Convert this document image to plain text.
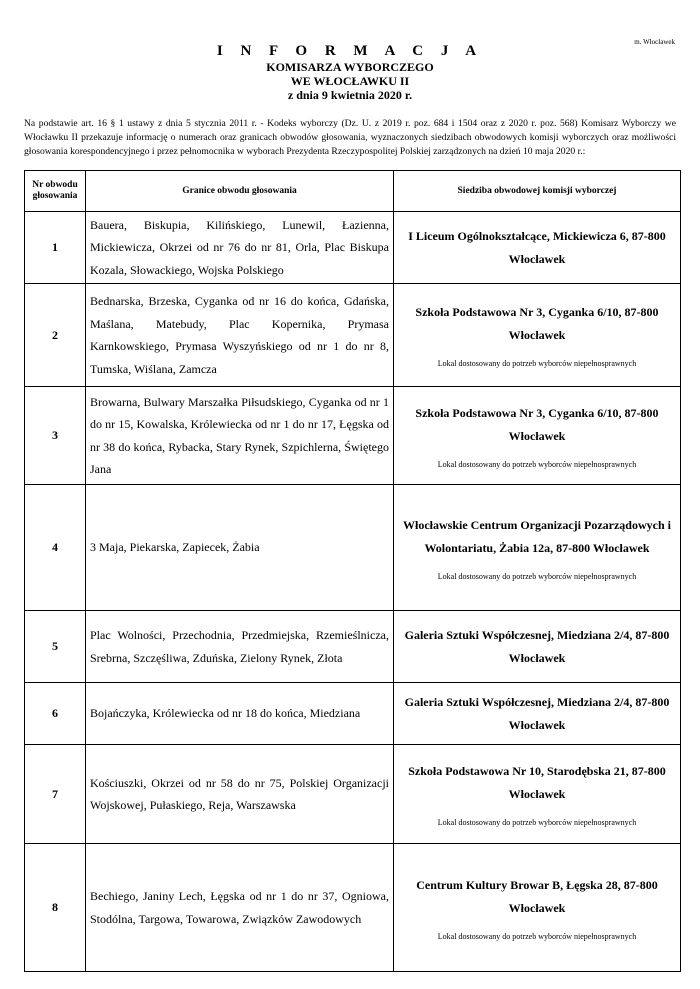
m. Włocławek
I N F O R M A C J A
KOMISARZA WYBORCZEGO
WE WŁOCŁAWKU II
z dnia 9 kwietnia 2020 r.
Na podstawie art. 16 § 1 ustawy z dnia 5 stycznia 2011 r. - Kodeks wyborczy (Dz. U. z 2019 r. poz. 684 i 1504 oraz z 2020 r. poz. 568) Komisarz Wyborczy we Włocławku II przekazuje informację o numerach oraz granicach obwodów głosowania, wyznaczonych siedzibach obwodowych komisji wyborczych oraz możliwości głosowania korespondencyjnego i przez pełnomocnika w wyborach Prezydenta Rzeczypospolitej Polskiej zarządzonych na dzień 10 maja 2020 r.:
Nr obwodu głosowania	Granice obwodu głosowania	Siedziba obwodowej komisji wyborczej
1	Bauera, Biskupia, Kilińskiego, Lunewil, Łazienna, Mickiewicza, Okrzei od nr 76 do nr 81, Orla, Plac Biskupa Kozala, Słowackiego, Wojska Polskiego	I Liceum Ogólnokształcące, Mickiewicza 6, 87-800 Włocławek

2	Bednarska, Brzeska, Cyganka od nr 16 do końca, Gdańska, Maślana, Matebudy, Plac Kopernika, Prymasa Karnkowskiego, Prymasa Wyszyńskiego od nr 1 do nr 8, Tumska, Wiślana, Zamcza	Szkoła Podstawowa Nr 3, Cyganka 6/10, 87-800 Włocławek
Lokal dostosowany do potrzeb wyborców niepełnosprawnych

3	Browarna, Bulwary Marszałka Piłsudskiego, Cyganka od nr 1 do nr 15, Kowalska, Królewiecka od nr 1 do nr 17, Łęgska od nr 38 do końca, Rybacka, Stary Rynek, Szpichlerna, Świętego Jana	Szkoła Podstawowa Nr 3, Cyganka 6/10, 87-800 Włocławek
Lokal dostosowany do potrzeb wyborców niepełnosprawnych

4	3 Maja, Piekarska, Zapiecek, Żabia	Włocławskie Centrum Organizacji Pozarządowych i Wolontariatu, Żabia 12a, 87-800 Włocławek
Lokal dostosowany do potrzeb wyborców niepełnosprawnych

5	Plac Wolności, Przechodnia, Przedmiejska, Rzemieślnicza, Srebrna, Szczęśliwa, Zduńska, Zielony Rynek, Złota	Galeria Sztuki Współczesnej, Miedziana 2/4, 87-800 Włocławek

6	Bojańczyka, Królewiecka od nr 18 do końca, Miedziana	Galeria Sztuki Współczesnej, Miedziana 2/4, 87-800 Włocławek

7	Kościuszki, Okrzei od nr 58 do nr 75, Polskiej Organizacji Wojskowej, Pułaskiego, Reja, Warszawska	Szkoła Podstawowa Nr 10, Starodębska 21, 87-800 Włocławek
Lokal dostosowany do potrzeb wyborców niepełnosprawnych

8	Bechiego, Janiny Lech, Łęgska od nr 1 do nr 37, Ogniowa, Stodólna, Targowa, Towarowa, Związków Zawodowych	Centrum Kultury Browar B, Łęgska 28, 87-800 Włocławek
Lokal dostosowany do potrzeb wyborców niepełnosprawnych
